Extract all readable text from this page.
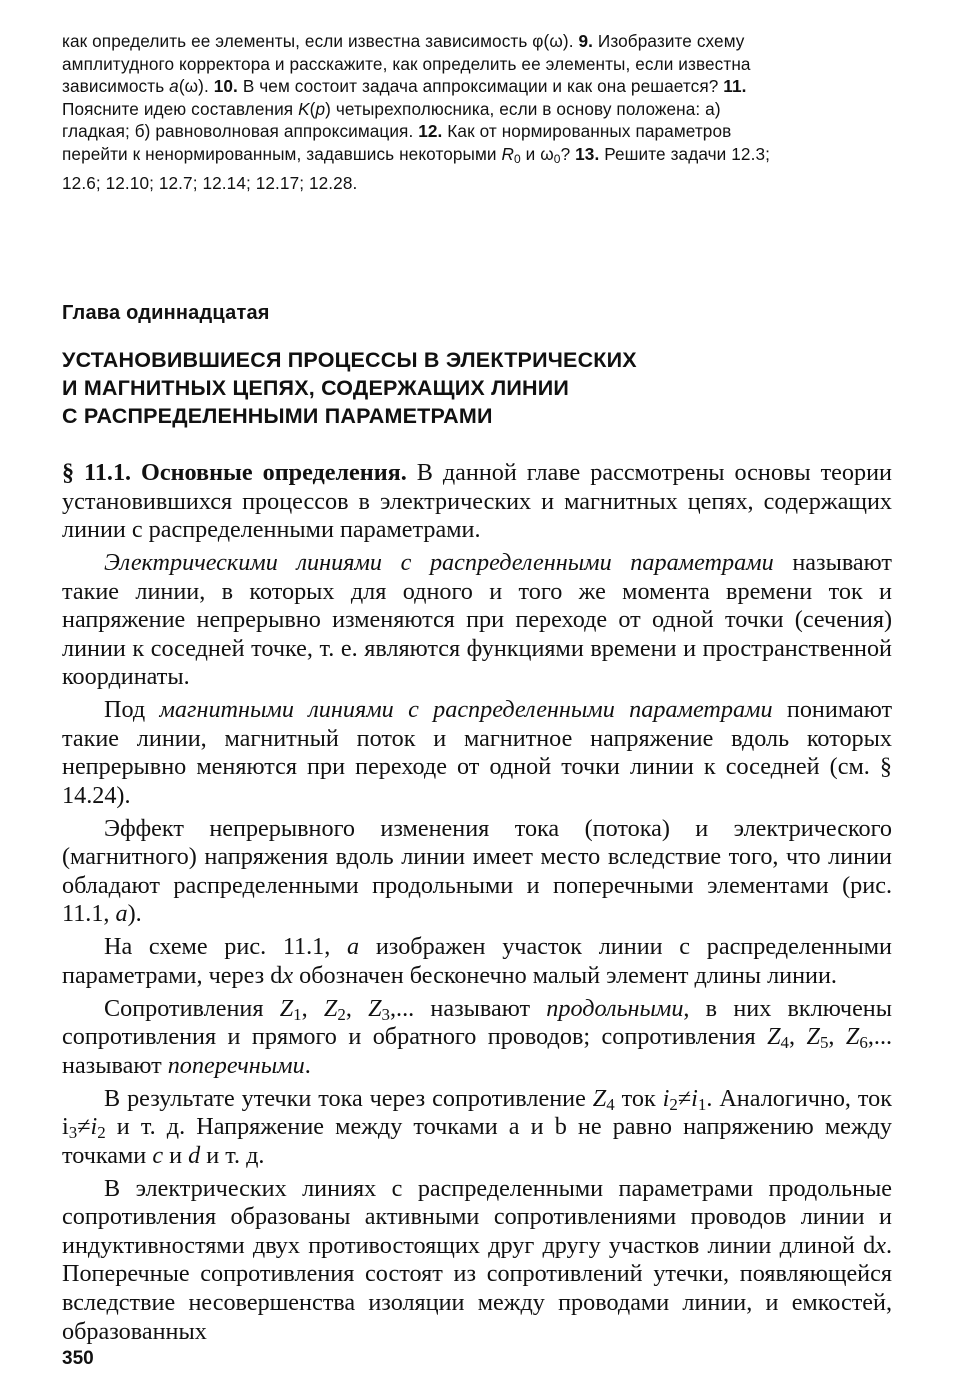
как определить ее элементы, если известна зависимость φ(ω). 9. Изобразите схему
амплитудного корректора и расскажите, как определить ее элементы, если известна
зависимость a(ω). 10. В чем состоит задача аппроксимации и как она решается? 11.
Поясните идею составления K(p) четырехполюсника, если в основу положена: а)
гладкая; б) равноволновая аппроксимация. 12. Как от нормированных параметров
перейти к ненормированным, задавшись некоторыми $R_0$ и $\omega_0$? 13. Решите задачи 12.3;
12.6; 12.10; 12.7; 12.14; 12.17; 12.28.
Глава одиннадцатая
УСТАНОВИВШИЕСЯ ПРОЦЕССЫ В ЭЛЕКТРИЧЕСКИХ
И МАГНИТНЫХ ЦЕПЯХ, СОДЕРЖАЩИХ ЛИНИИ
С РАСПРЕДЕЛЕННЫМИ ПАРАМЕТРАМИ

§ 11.1. Основные определения. В данной главе рассмотрены основы теории установившихся процессов в электрических и магнитных цепях, содержащих линии с распределенными параметрами.

Электрическими линиями с распределенными параметрами называют такие линии, в которых для одного и того же момента времени ток и напряжение непрерывно изменяются при переходе от одной точки (сечения) линии к соседней точке, т. е. являются функциями времени и пространственной координаты.

Под магнитными линиями с распределенными параметрами понимают такие линии, магнитный поток и магнитное напряжение вдоль которых непрерывно меняются при переходе от одной точки линии к соседней (см. § 14.24).

Эффект непрерывного изменения тока (потока) и электрического (магнитного) напряжения вдоль линии имеет место вследствие того, что линии обладают распределенными продольными и поперечными элементами (рис. 11.1, а).

На схеме рис. 11.1, а изображен участок линии с распределенными параметрами, через dx обозначен бесконечно малый элемент длины линии.

Сопротивления $Z_1$, $Z_2$, $Z_3$,... называют продольными, в них включены сопротивления и прямого и обратного проводов; сопротивления $Z_4$, $Z_5$, $Z_6$,... называют поперечными.

В результате утечки тока через сопротивление $Z_4$ ток $i_2\ne i_1$. Аналогично, ток $i_3\ne i_2$ и т. д. Напряжение между точками a и b не равно напряжению между точками c и d и т. д.

В электрических линиях с распределенными параметрами продольные сопротивления образованы активными сопротивлениями проводов линии и индуктивностями двух противостоящих друг другу участков линии длиной dx. Поперечные сопротивления состоят из сопротивлений утечки, появляющейся вследствие несовершенства изоляции между проводами линии, и емкостей, образованных

350
